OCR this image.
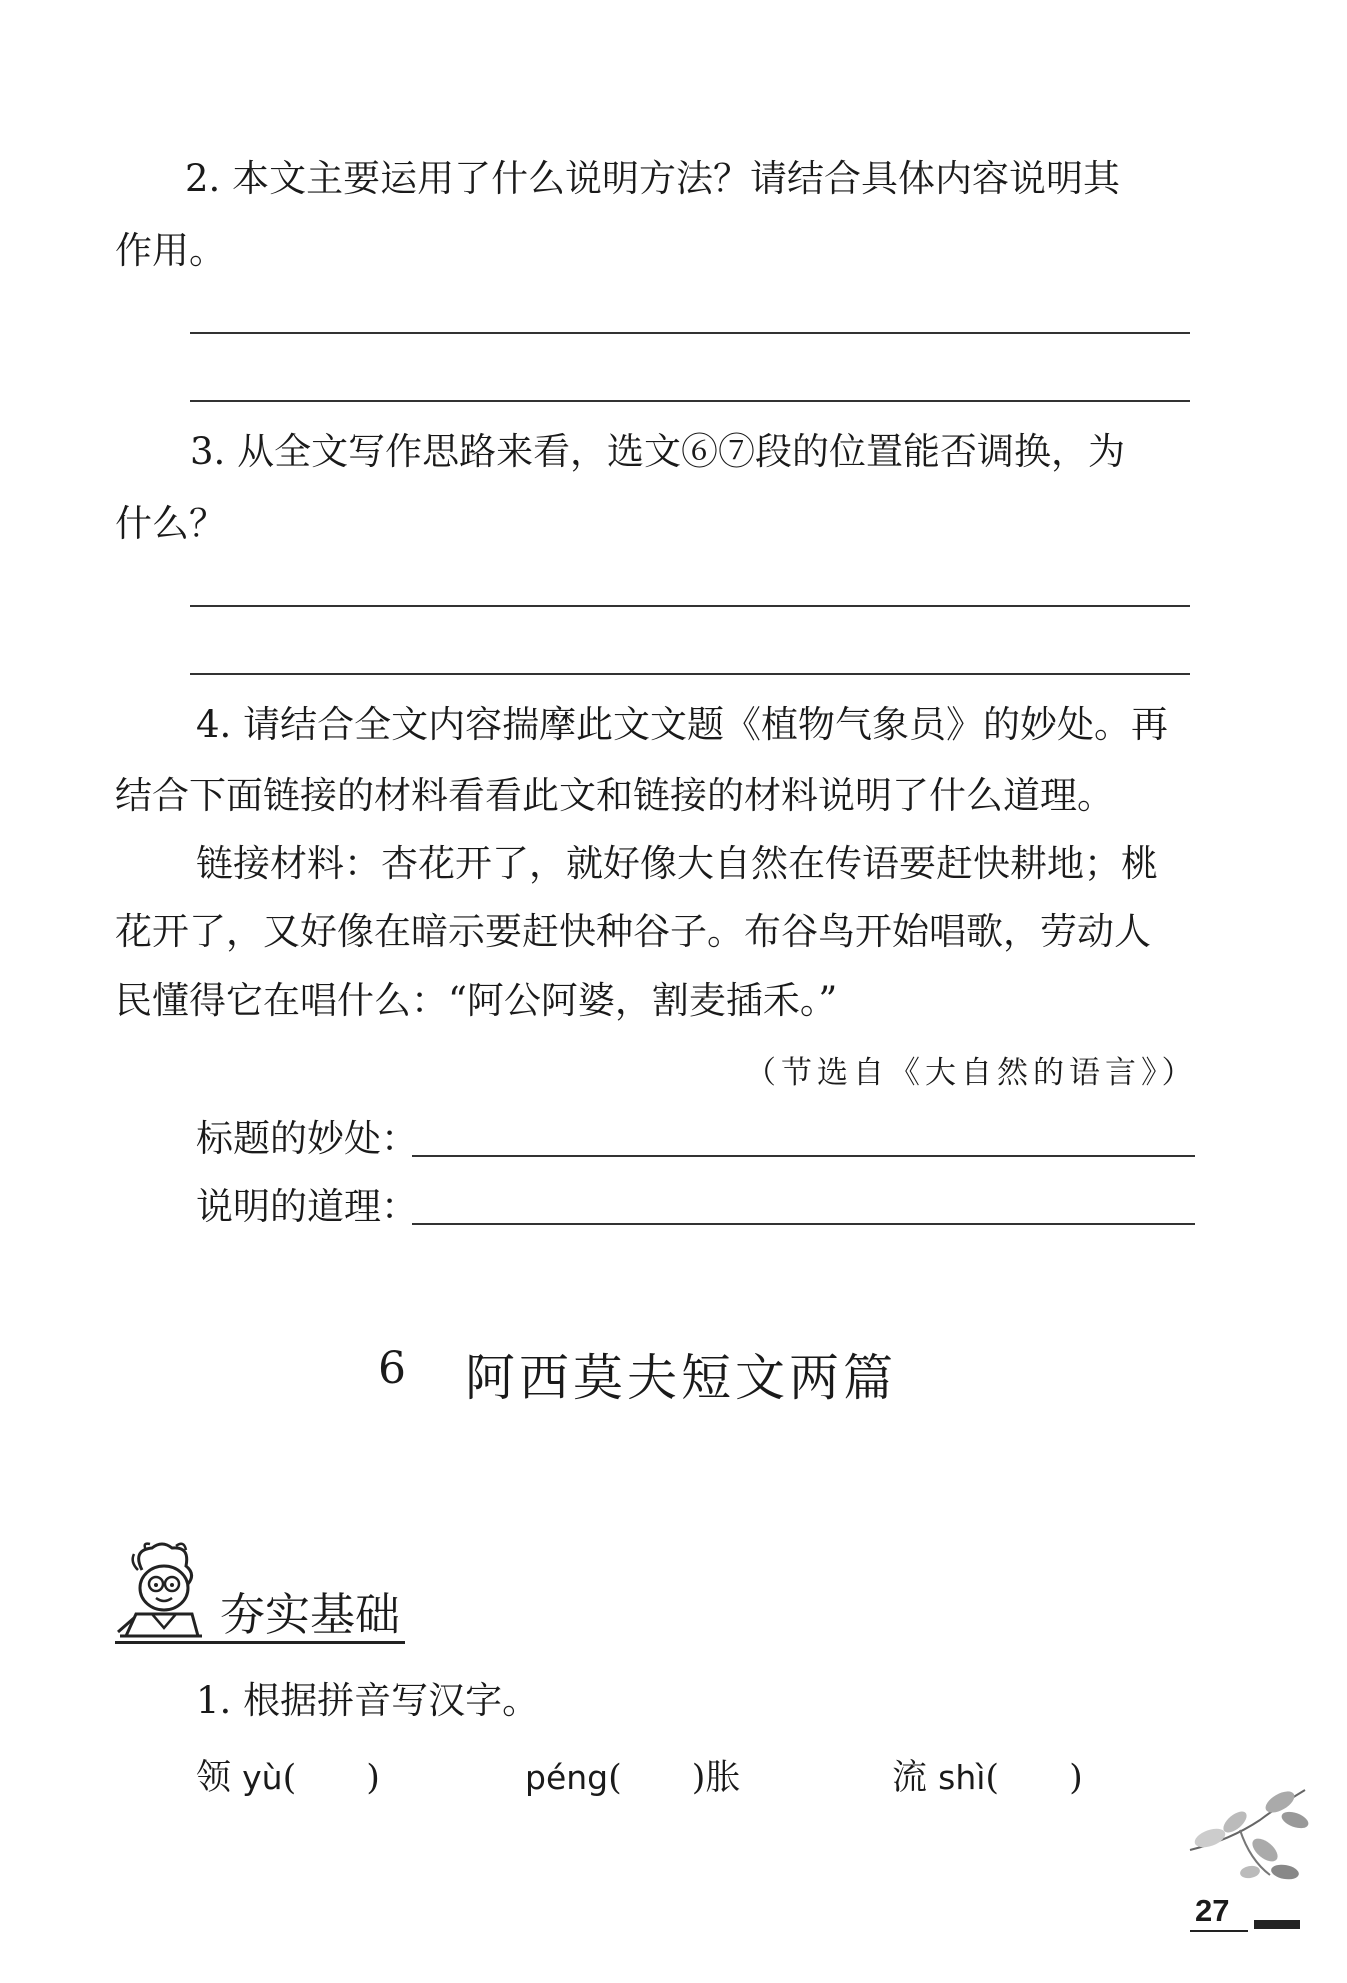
2. 本文主要运用了什么说明方法？请结合具体内容说明其
作用。
3. 从全文写作思路来看，选文⑥⑦段的位置能否调换，为
什么？
4. 请结合全文内容揣摩此文文题《植物气象员》的妙处。再
结合下面链接的材料看看此文和链接的材料说明了什么道理。
链接材料：杏花开了，就好像大自然在传语要赶快耕地；桃
花开了，又好像在暗示要赶快种谷子。布谷鸟开始唱歌，劳动人
民懂得它在唱什么：“阿公阿婆，割麦插禾。”
（节选自《大自然的语言》）
标题的妙处：
说明的道理：
6 阿西莫夫短文两篇
夯实基础
1. 根据拼音写汉字。
领 yù(　　)	péng(　　)胀	流 shì(　　)
27
